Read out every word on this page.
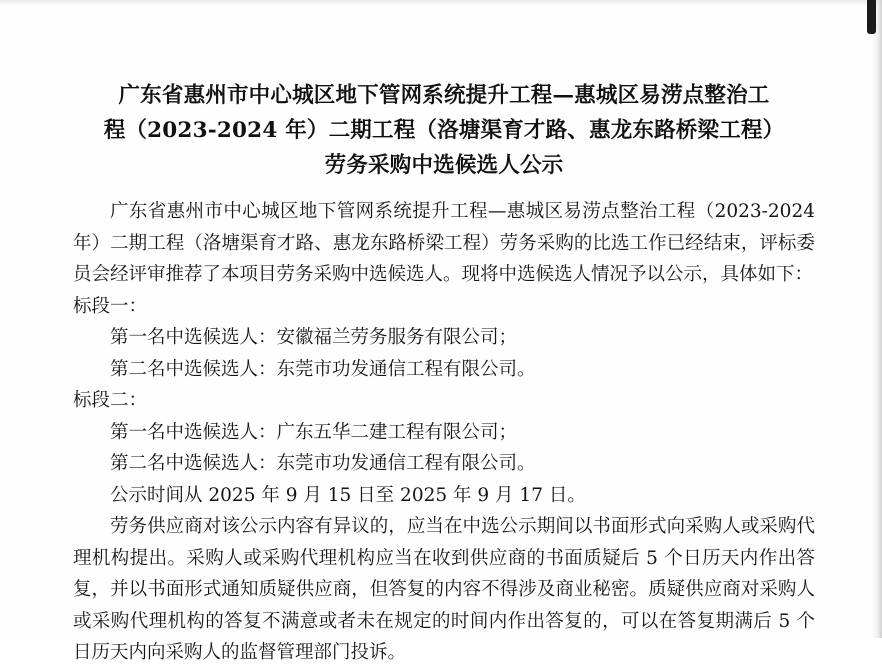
广东省惠州市中心城区地下管网系统提升工程—惠城区易涝点整治工
程（2023-2024 年）二期工程（洛塘渠育才路、惠龙东路桥梁工程）
劳务采购中选候选人公示

广东省惠州市中心城区地下管网系统提升工程—惠城区易涝点整治工程（2023-2024 年）二期工程（洛塘渠育才路、惠龙东路桥梁工程）劳务采购的比选工作已经结束，评标委员会经评审推荐了本项目劳务采购中选候选人。现将中选候选人情况予以公示，具体如下：

标段一：

第一名中选候选人：安徽福兰劳务服务有限公司；

第二名中选候选人：东莞市功发通信工程有限公司。

标段二：

第一名中选候选人：广东五华二建工程有限公司；

第二名中选候选人：东莞市功发通信工程有限公司。

公示时间从 2025 年 9 月 15 日至 2025 年 9 月 17 日。

劳务供应商对该公示内容有异议的，应当在中选公示期间以书面形式向采购人或采购代理机构提出。采购人或采购代理机构应当在收到供应商的书面质疑后 5 个日历天内作出答复，并以书面形式通知质疑供应商，但答复的内容不得涉及商业秘密。质疑供应商对采购人或采购代理机构的答复不满意或者未在规定的时间内作出答复的，可以在答复期满后 5 个日历天内向采购人的监督管理部门投诉。
